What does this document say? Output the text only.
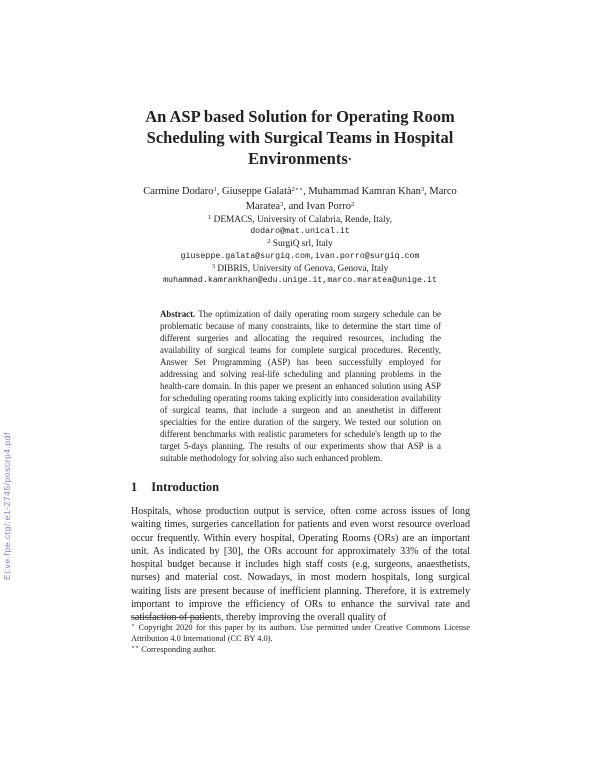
Ei:ve.fpe.ctg/;e1-2745/poscrp4.pdf
An ASP based Solution for Operating Room Scheduling with Surgical Teams in Hospital Environments⋆
Carmine Dodaro$^1$, Giuseppe Galatà$^{2⋆⋆}$, Muhammad Kamran Khan$^3$, Marco Maratea$^3$, and Ivan Porro$^2$
$^1$ DEMACS, University of Calabria, Rende, Italy,
dodaro@mat.unical.it
$^2$ SurgiQ srl, Italy
giuseppe.galata@surgiq.com,ivan.porro@surgiq.com
$^3$ DIBRIS, University of Genova, Genova, Italy
muhammad.kamrankhan@edu.unige.it,marco.maratea@unige.it
Abstract. The optimization of daily operating room surgery schedule can be problematic because of many constraints, like to determine the start time of different surgeries and allocating the required resources, including the availability of surgical teams for complete surgical procedures. Recently, Answer Set Programming (ASP) has been successfully employed for addressing and solving real-life scheduling and planning problems in the health-care domain. In this paper we present an enhanced solution using ASP for scheduling operating rooms taking explicitly into consideration availability of surgical teams, that include a surgeon and an anesthetist in different specialties for the entire duration of the surgery. We tested our solution on different benchmarks with realistic parameters for schedule's length up to the target 5-days planning. The results of our experiments show that ASP is a suitable methodology for solving also such enhanced problem.
1 Introduction
Hospitals, whose production output is service, often come across issues of long waiting times, surgeries cancellation for patients and even worst resource overload occur frequently. Within every hospital, Operating Rooms (ORs) are an important unit. As indicated by [30], the ORs account for approximately 33% of the total hospital budget because it includes high staff costs (e.g, surgeons, anaesthetists, nurses) and material cost. Nowadays, in most modern hospitals, long surgical waiting lists are present because of inefficient planning. Therefore, it is extremely important to improve the efficiency of ORs to enhance the survival rate and satisfaction of patients, thereby improving the overall quality of
⋆ Copyright 2020 for this paper by its authors. Use permitted under Creative Commons License Attribution 4.0 International (CC BY 4.0).
⋆⋆ Corresponding author.
